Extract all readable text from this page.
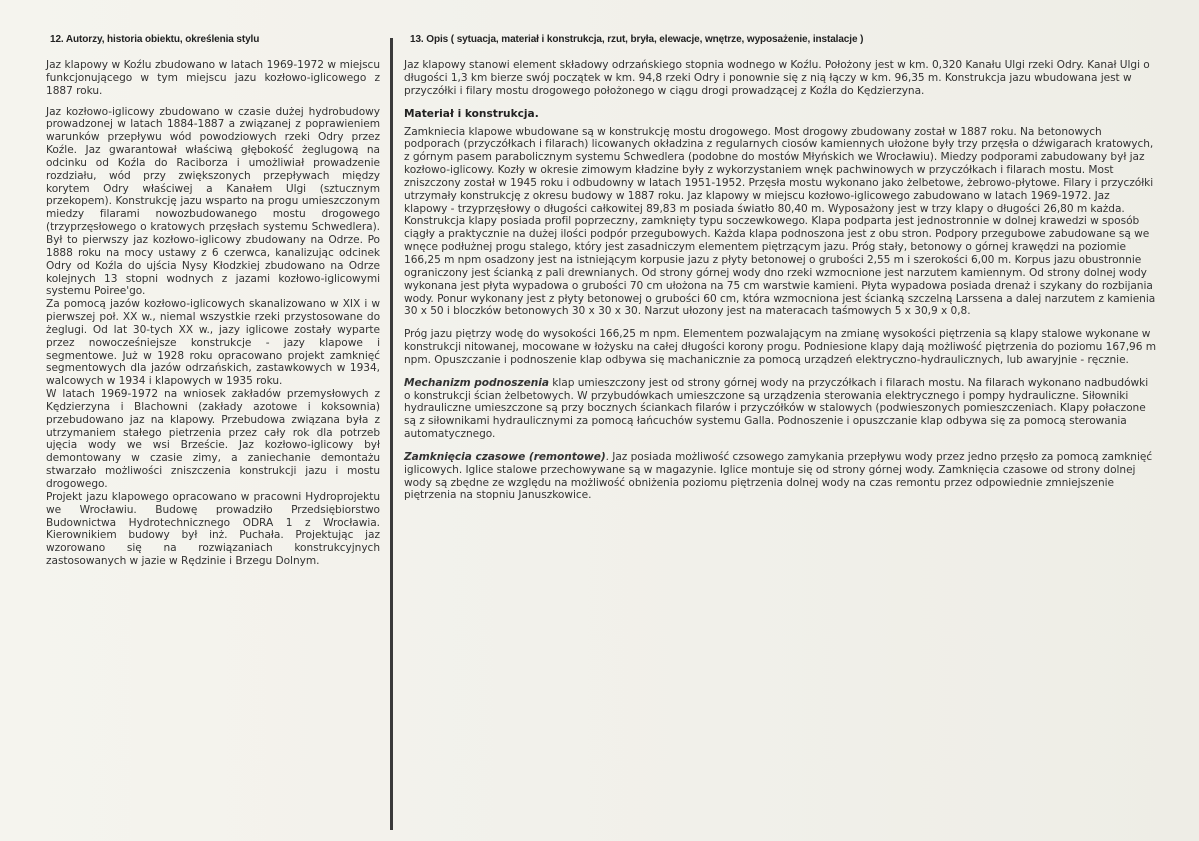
12. Autorzy, historia obiektu, określenia stylu

Jaz klapowy w Koźlu zbudowano w latach 1969-1972 w miejscu funkcjonującego w tym miejscu jazu kozłowo-iglicowego z 1887 roku.

Jaz kozłowo-iglicowy zbudowano w czasie dużej hydrobudowy prowadzonej w latach 1884-1887 a związanej z poprawieniem warunków przepływu wód powodziowych rzeki Odry przez Koźle. Jaz gwarantował właściwą głębokość żeglugową na odcinku od Koźla do Raciborza i umożliwiał prowadzenie rozdziału, wód przy zwiększonych przepływach między korytem Odry właściwej a Kanałem Ulgi (sztucznym przekopem). Konstrukcję jazu wsparto na progu umieszczonym miedzy filarami nowozbudowanego mostu drogowego (trzyprzęsłowego o kratowych przęsłach systemu Schwedlera). Był to pierwszy jaz kozłowo-iglicowy zbudowany na Odrze. Po 1888 roku na mocy ustawy z 6 czerwca, kanalizując odcinek Odry od Koźla do ujścia Nysy Kłodzkiej zbudowano na Odrze kolejnych 13 stopni wodnych z jazami kozłowo-iglicowymi systemu Poiree'go.

Za pomocą jazów kozłowo-iglicowych skanalizowano w XIX i w pierwszej poł. XX w., niemal wszystkie rzeki przystosowane do żeglugi. Od lat 30-tych XX w., jazy iglicowe zostały wyparte przez nowocześniejsze konstrukcje - jazy klapowe i segmentowe. Już w 1928 roku opracowano projekt zamknięć segmentowych dla jazów odrzańskich, zastawkowych w 1934, walcowych w 1934 i klapowych w 1935 roku.

W latach 1969-1972 na wniosek zakładów przemysłowych z Kędzierzyna i Blachowni (zakłady azotowe i koksownia) przebudowano jaz na klapowy. Przebudowa związana była z utrzymaniem stałego pietrzenia przez cały rok dla potrzeb ujęcia wody we wsi Brzeście. Jaz kozłowo-iglicowy był demontowany w czasie zimy, a zaniechanie demontażu stwarzało możliwości zniszczenia konstrukcji jazu i mostu drogowego.

Projekt jazu klapowego opracowano w pracowni Hydroprojektu we Wrocławiu. Budowę prowadziło Przedsiębiorstwo Budownictwa Hydrotechnicznego ODRA 1 z Wrocławia. Kierownikiem budowy był inż. Puchała. Projektując jaz wzorowano się na rozwiązaniach konstrukcyjnych zastosowanych w jazie w Rędzinie i Brzegu Dolnym.

13. Opis ( sytuacja, materiał i konstrukcja, rzut, bryła, elewacje, wnętrze, wyposażenie, instalacje )

Jaz klapowy stanowi element składowy odrzańskiego stopnia wodnego w Koźlu. Położony jest w km. 0,320 Kanału Ulgi rzeki Odry. Kanał Ulgi o długości 1,3 km bierze swój początek w km. 94,8 rzeki Odry i ponownie się z nią łączy w km. 96,35 m. Konstrukcja jazu wbudowana jest w przyczółki i filary mostu drogowego położonego w ciągu drogi prowadzącej z Koźla do Kędzierzyna.

Materiał i konstrukcja.

Zamkniecia klapowe wbudowane są w konstrukcję mostu drogowego. Most drogowy zbudowany został w 1887 roku. Na betonowych podporach (przyczółkach i filarach) licowanych okładzina z regularnych ciosów kamiennych ułożone były trzy przęsła o dźwigarach kratowych, z górnym pasem parabolicznym systemu Schwedlera (podobne do mostów Młyńskich we Wrocławiu). Miedzy podporami zabudowany był jaz kozłowo-iglicowy. Kozły w okresie zimowym kładzine były z wykorzystaniem wnęk pachwinowych w przyczółkach i filarach mostu. Most zniszczony został w 1945 roku i odbudowny w latach 1951-1952. Przęsła mostu wykonano jako żelbetowe, żebrowo-płytowe. Filary i przyczółki utrzymały konstrukcję z okresu budowy w 1887 roku. Jaz klapowy w miejscu kozłowo-iglicowego zabudowano w latach 1969-1972. Jaz klapowy - trzyprzęsłowy o długości całkowitej 89,83 m posiada światło 80,40 m. Wyposażony jest w trzy klapy o długości 26,80 m każda. Konstrukcja klapy posiada profil poprzeczny, zamknięty typu soczewkowego. Klapa podparta jest jednostronnie w dolnej krawedzi w sposób ciągły a praktycznie na dużej ilości podpór przegubowych. Każda klapa podnoszona jest z obu stron. Podpory przegubowe zabudowane są we wnęce podłużnej progu stalego, który jest zasadniczym elementem piętrzącym jazu. Próg stały, betonowy o górnej krawędzi na poziomie 166,25 m npm osadzony jest na istniejącym korpusie jazu z płyty betonowej o grubości 2,55 m i szerokości 6,00 m. Korpus jazu obustronnie ograniczony jest ścianką z pali drewnianych. Od strony górnej wody dno rzeki wzmocnione jest narzutem kamiennym. Od strony dolnej wody wykonana jest płyta wypadowa o grubości 70 cm ułożona na 75 cm warstwie kamieni. Płyta wypadowa posiada drenaż i szykany do rozbijania wody. Ponur wykonany jest z płyty betonowej o grubości 60 cm, która wzmocniona jest ścianką szczelną Larssena a dalej narzutem z kamienia 30 x 50 i bloczków betonowych 30 x 30 x 30. Narzut ułozony jest na materacach taśmowych 5 x 30,9 x 0,8.

Próg jazu piętrzy wodę do wysokości 166,25 m npm. Elementem pozwalającym na zmianę wysokości piętrzenia są klapy stalowe wykonane w konstrukcji nitowanej, mocowane w łożysku na całej długości korony progu. Podniesione klapy dają możliwość piętrzenia do poziomu 167,96 m npm. Opuszczanie i podnoszenie klap odbywa się machanicznie za pomocą urządzeń elektryczno-hydraulicznych, lub awaryjnie - ręcznie.

Mechanizm podnoszenia klap umieszczony jest od strony górnej wody na przyczółkach i filarach mostu. Na filarach wykonano nadbudówki o konstrukcji ścian żelbetowych. W przybudówkach umieszczone są urządzenia sterowania elektrycznego i pompy hydrauliczne. Siłowniki hydrauliczne umieszczone są przy bocznych ściankach filarów i przyczółków w stalowych (podwieszonych pomieszczeniach. Klapy połaczone są z siłownikami hydraulicznymi za pomocą łańcuchów systemu Galla. Podnoszenie i opuszczanie klap odbywa się za pomocą sterowania automatycznego.

Zamknięcia czasowe (remontowe). Jaz posiada możliwość czsowego zamykania przepływu wody przez jedno przęsło za pomocą zamknięć iglicowych. Iglice stalowe przechowywane są w magazynie. Iglice montuje się od strony górnej wody. Zamknięcia czasowe od strony dolnej wody są zbędne ze względu na możliwość obniżenia poziomu piętrzenia dolnej wody na czas remontu przez odpowiednie zmniejszenie piętrzenia na stopniu Januszkowice.
